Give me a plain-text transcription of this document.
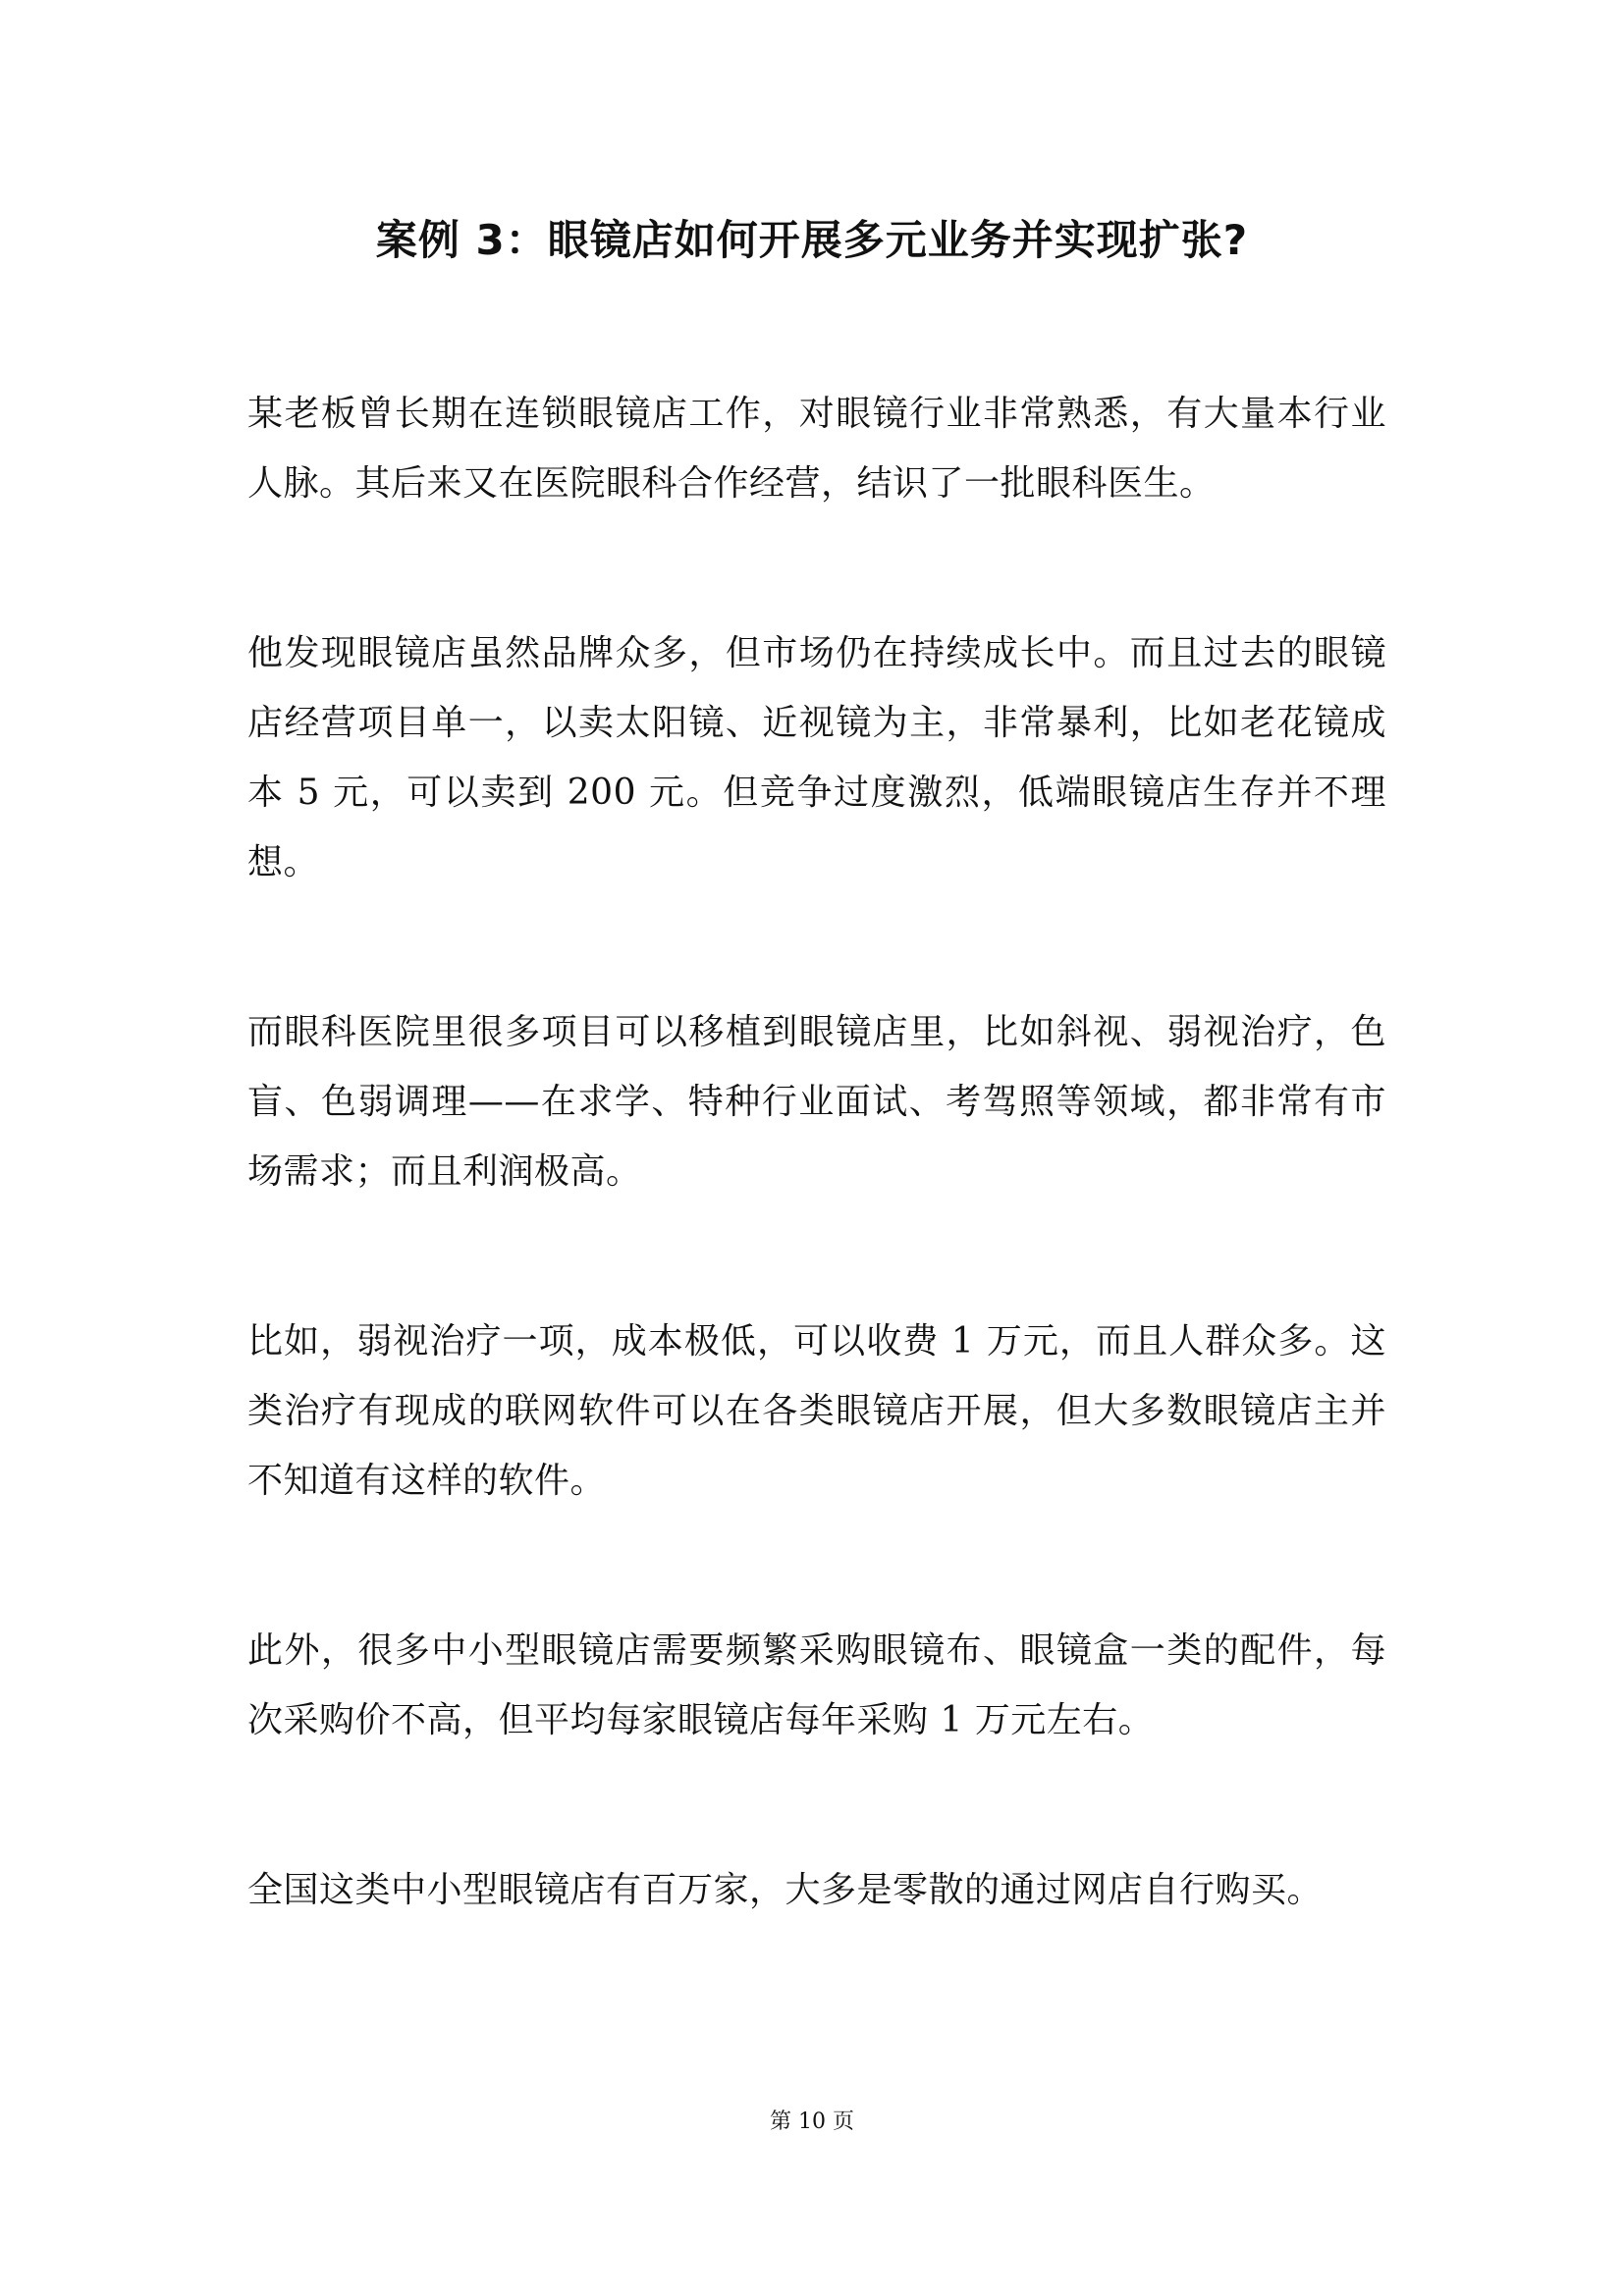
案例 3：眼镜店如何开展多元业务并实现扩张?

某老板曾长期在连锁眼镜店工作，对眼镜行业非常熟悉，有大量本行业人脉。其后来又在医院眼科合作经营，结识了一批眼科医生。

他发现眼镜店虽然品牌众多，但市场仍在持续成长中。而且过去的眼镜店经营项目单一，以卖太阳镜、近视镜为主，非常暴利，比如老花镜成本 5 元，可以卖到 200 元。但竞争过度激烈，低端眼镜店生存并不理想。

而眼科医院里很多项目可以移植到眼镜店里，比如斜视、弱视治疗，色盲、色弱调理——在求学、特种行业面试、考驾照等领域，都非常有市场需求；而且利润极高。

比如，弱视治疗一项，成本极低，可以收费 1 万元，而且人群众多。这类治疗有现成的联网软件可以在各类眼镜店开展，但大多数眼镜店主并不知道有这样的软件。

此外，很多中小型眼镜店需要频繁采购眼镜布、眼镜盒一类的配件，每次采购价不高，但平均每家眼镜店每年采购 1 万元左右。

全国这类中小型眼镜店有百万家，大多是零散的通过网店自行购买。

第 10 页
